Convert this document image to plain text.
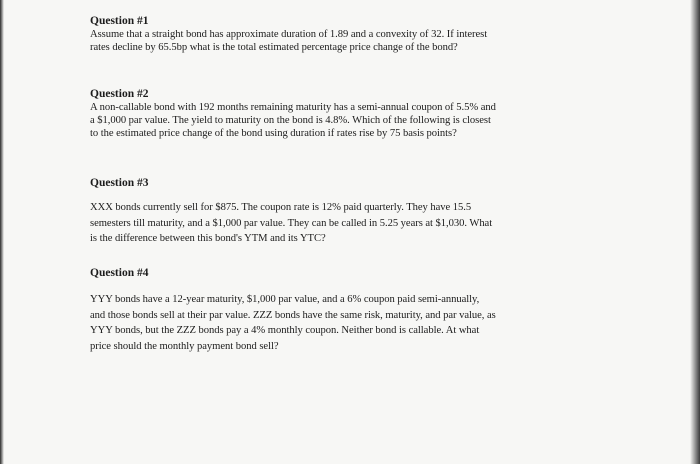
Question #1

Assume that a straight bond has approximate duration of 1.89 and a convexity of 32. If interest

rates decline by 65.5bp what is the total estimated percentage price change of the bond?

Question #2

A non-callable bond with 192 months remaining maturity has a semi-annual coupon of 5.5% and

a $1,000 par value. The yield to maturity on the bond is 4.8%. Which of the following is closest

to the estimated price change of the bond using duration if rates rise by 75 basis points?

Question #3

XXX bonds currently sell for $875. The coupon rate is 12% paid quarterly. They have 15.5

semesters till maturity, and a $1,000 par value. They can be called in 5.25 years at $1,030. What

is the difference between this bond's YTM and its YTC?

Question #4

YYY bonds have a 12-year maturity, $1,000 par value, and a 6% coupon paid semi-annually,

and those bonds sell at their par value. ZZZ bonds have the same risk, maturity, and par value, as

YYY bonds, but the ZZZ bonds pay a 4% monthly coupon. Neither bond is callable. At what

price should the monthly payment bond sell?
